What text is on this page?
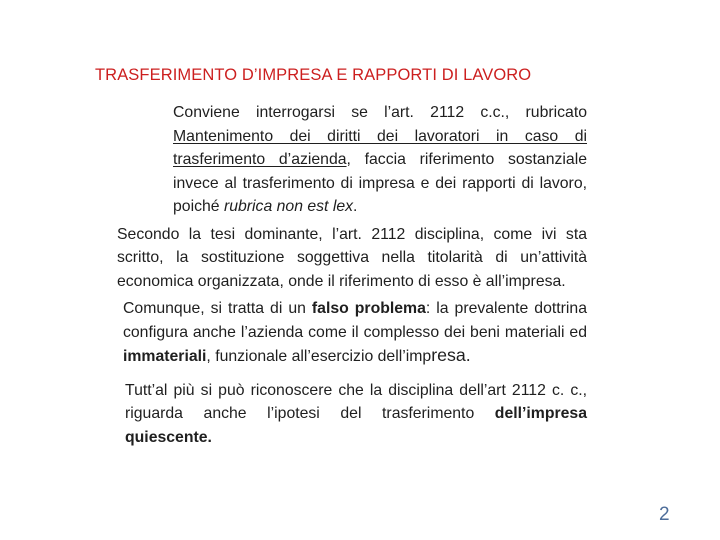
TRASFERIMENTO D’IMPRESA E RAPPORTI DI LAVORO

Conviene interrogarsi se l’art. 2112 c.c., rubricato Mantenimento dei diritti dei lavoratori in caso di trasferimento d’azienda, faccia riferimento sostanziale invece al trasferimento di impresa e dei rapporti di lavoro, poiché rubrica non est lex.

Secondo la tesi dominante, l’art. 2112 disciplina, come ivi sta scritto, la sostituzione soggettiva nella titolarità di un’attività economica organizzata, onde il riferimento di esso è all’impresa.

Comunque, si tratta di un falso problema: la prevalente dottrina configura anche l’azienda come il complesso dei beni materiali ed immateriali, funzionale all’esercizio dell’impresa.

Tutt’al più si può riconoscere che la disciplina dell’art 2112 c. c., riguarda anche l’ipotesi del trasferimento dell’impresa quiescente.

2
